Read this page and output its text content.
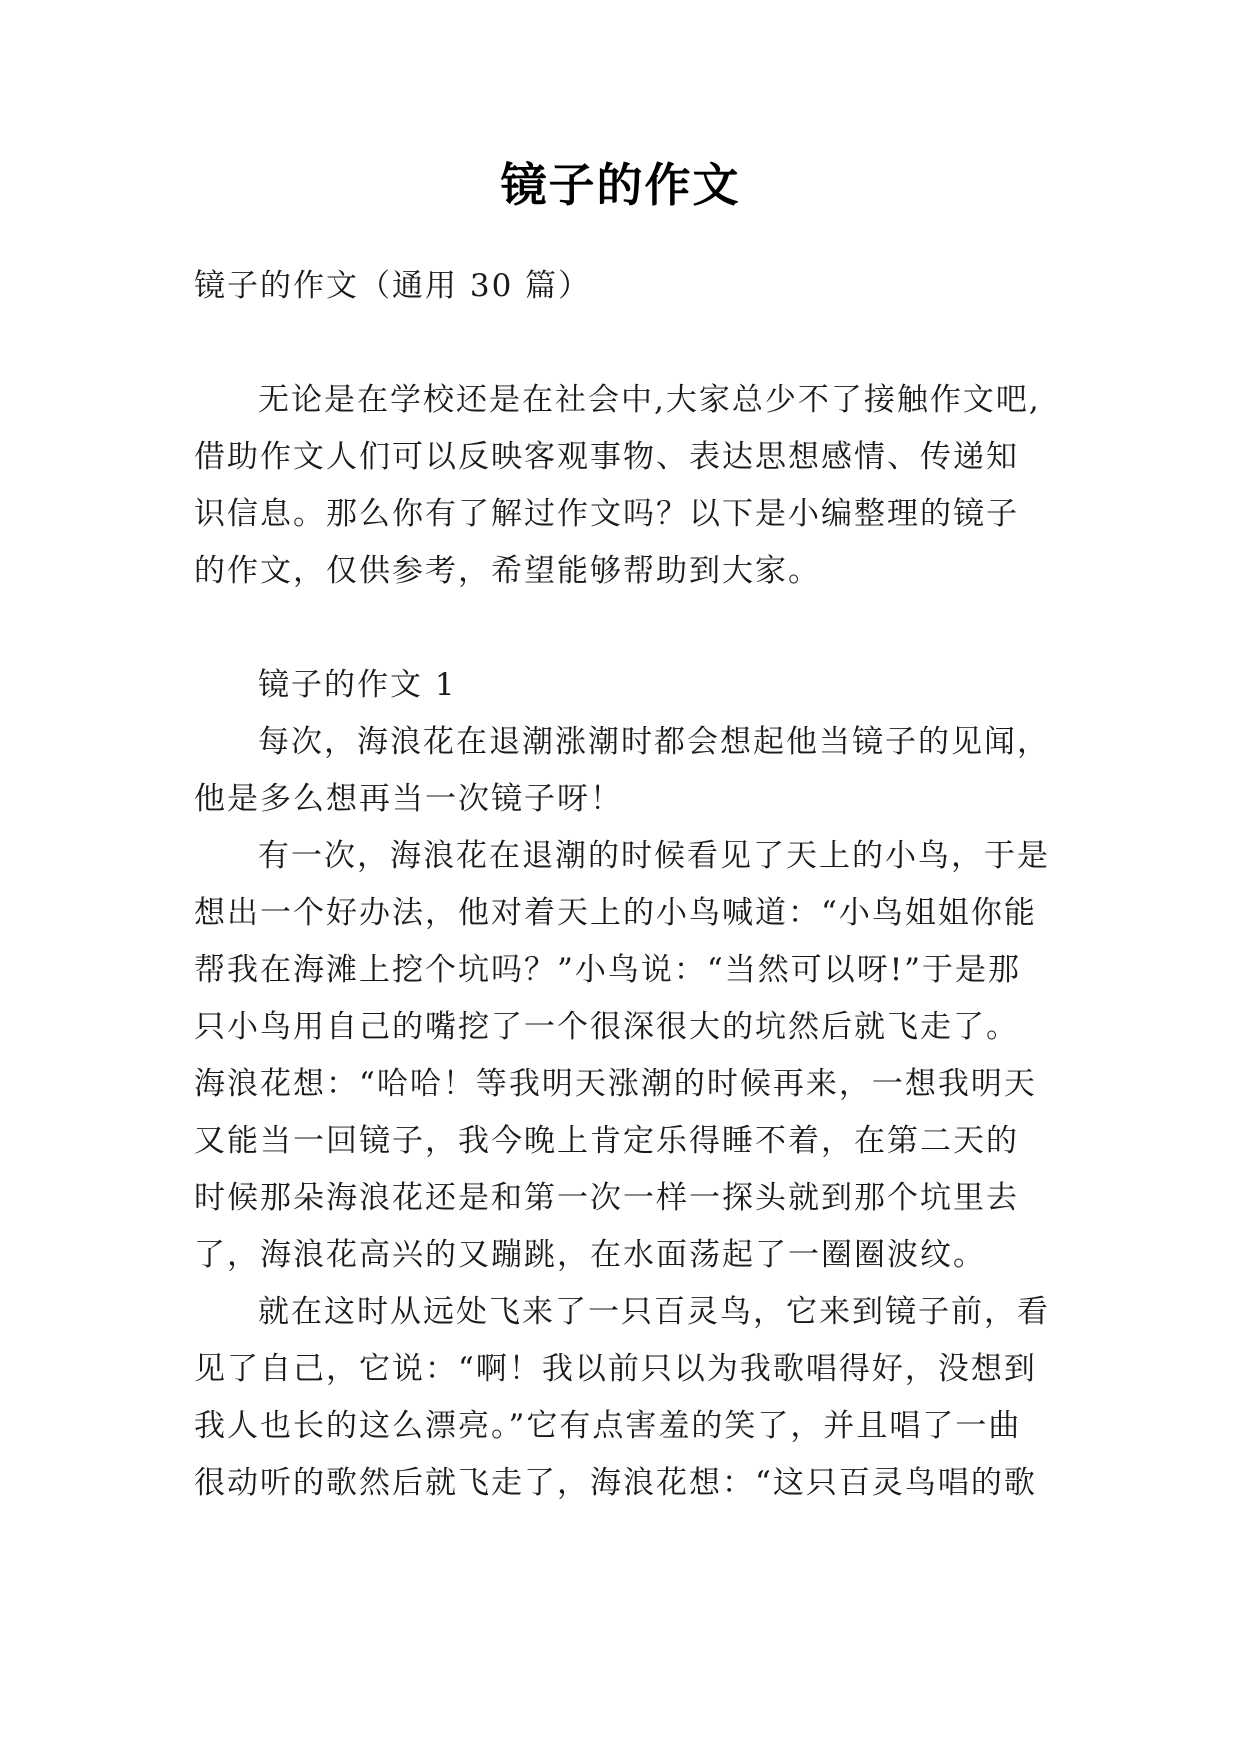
镜子的作文

镜子的作文（通用 30 篇）

无论是在学校还是在社会中,大家总少不了接触作文吧,借助作文人们可以反映客观事物、表达思想感情、传递知识信息。那么你有了解过作文吗？以下是小编整理的镜子的作文，仅供参考，希望能够帮助到大家。

镜子的作文 1

每次，海浪花在退潮涨潮时都会想起他当镜子的见闻，他是多么想再当一次镜子呀！

有一次，海浪花在退潮的时候看见了天上的小鸟，于是想出一个好办法，他对着天上的小鸟喊道：“小鸟姐姐你能帮我在海滩上挖个坑吗？”小鸟说：“当然可以呀!”于是那只小鸟用自己的嘴挖了一个很深很大的坑然后就飞走了。海浪花想：“哈哈！等我明天涨潮的时候再来，一想我明天又能当一回镜子，我今晚上肯定乐得睡不着，在第二天的时候那朵海浪花还是和第一次一样一探头就到那个坑里去了，海浪花高兴的又蹦跳，在水面荡起了一圈圈波纹。

就在这时从远处飞来了一只百灵鸟，它来到镜子前，看见了自己，它说：“啊！我以前只以为我歌唱得好，没想到我人也长的这么漂亮。”它有点害羞的笑了，并且唱了一曲很动听的歌然后就飞走了，海浪花想：“这只百灵鸟唱的歌
